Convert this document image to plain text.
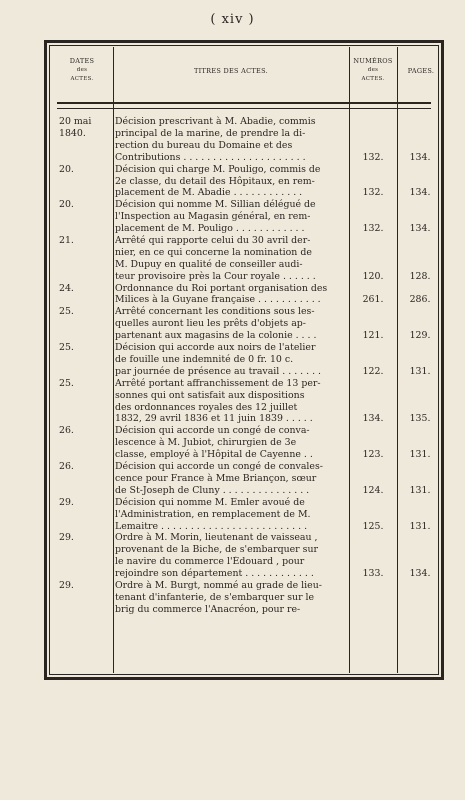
( xiv )
DATES
des
ACTES.
TITRES DES ACTES.
NUMÉROS
des
ACTES.
PAGES.
20 mai
1840.
Décision prescrivant à M. Abadie, commis
principal de la marine, de prendre la di-
rection du bureau du Domaine et des
Contributions . . . . . . . . . . . . . . . . . . . . .	132.	134.
20.	Décision qui charge M. Pouligo, commis de
2e classe, du detail des Hôpitaux, en rem-
placement de M. Abadie . . . . . . . . . . . .	132.	134.
20.	Décision qui nomme M. Sillian délégué de
l'Inspection au Magasin général, en rem-
placement de M. Pouligo . . . . . . . . . . . .	132.	134.
21.	Arrêté qui rapporte celui du 30 avril der-
nier, en ce qui concerne la nomination de
M. Dupuy en qualité de conseiller audi-
teur provisoire près la Cour royale . . . . . .	120.	128.
24.	Ordonnance du Roi portant organisation des
Milices à la Guyane française . . . . . . . . . . .	261.	286.
25.	Arrêté concernant les conditions sous les-
quelles auront lieu les prêts d'objets ap-
partenant aux magasins de la colonie . . . .	121.	129.
25.	Décision qui accorde aux noirs de l'atelier
de fouille une indemnité de 0 fr. 10 c.
par journée de présence au travail . . . . . . .	122.	131.
25.	Arrêté portant affranchissement de 13 per-
sonnes qui ont satisfait aux dispositions
des ordonnances royales des 12 juillet
1832, 29 avril 1836 et 11 juin 1839 . . . . .	134.	135.
26.	Décision qui accorde un congé de conva-
lescence à M. Jubiot, chirurgien de 3e
classe, employé à l'Hôpital de Cayenne . .	123.	131.
26.	Décision qui accorde un congé de convales-
cence pour France à Mme Briançon, sœur
de St-Joseph de Cluny . . . . . . . . . . . . . . .	124.	131.
29.	Décision qui nomme M. Emler avoué de
l'Administration, en remplacement de M.
Lemaitre . . . . . . . . . . . . . . . . . . . . . . . . .	125.	131.
29.	Ordre à M. Morin, lieutenant de vaisseau ,
provenant de la Biche, de s'embarquer sur
le navire du commerce l'Édouard , pour
rejoindre son département . . . . . . . . . . . .	133.	134.
29.	Ordre à M. Burgt, nommé au grade de lieu-
tenant d'infanterie, de s'embarquer sur le
brig du commerce l'Anacréon, pour re-
